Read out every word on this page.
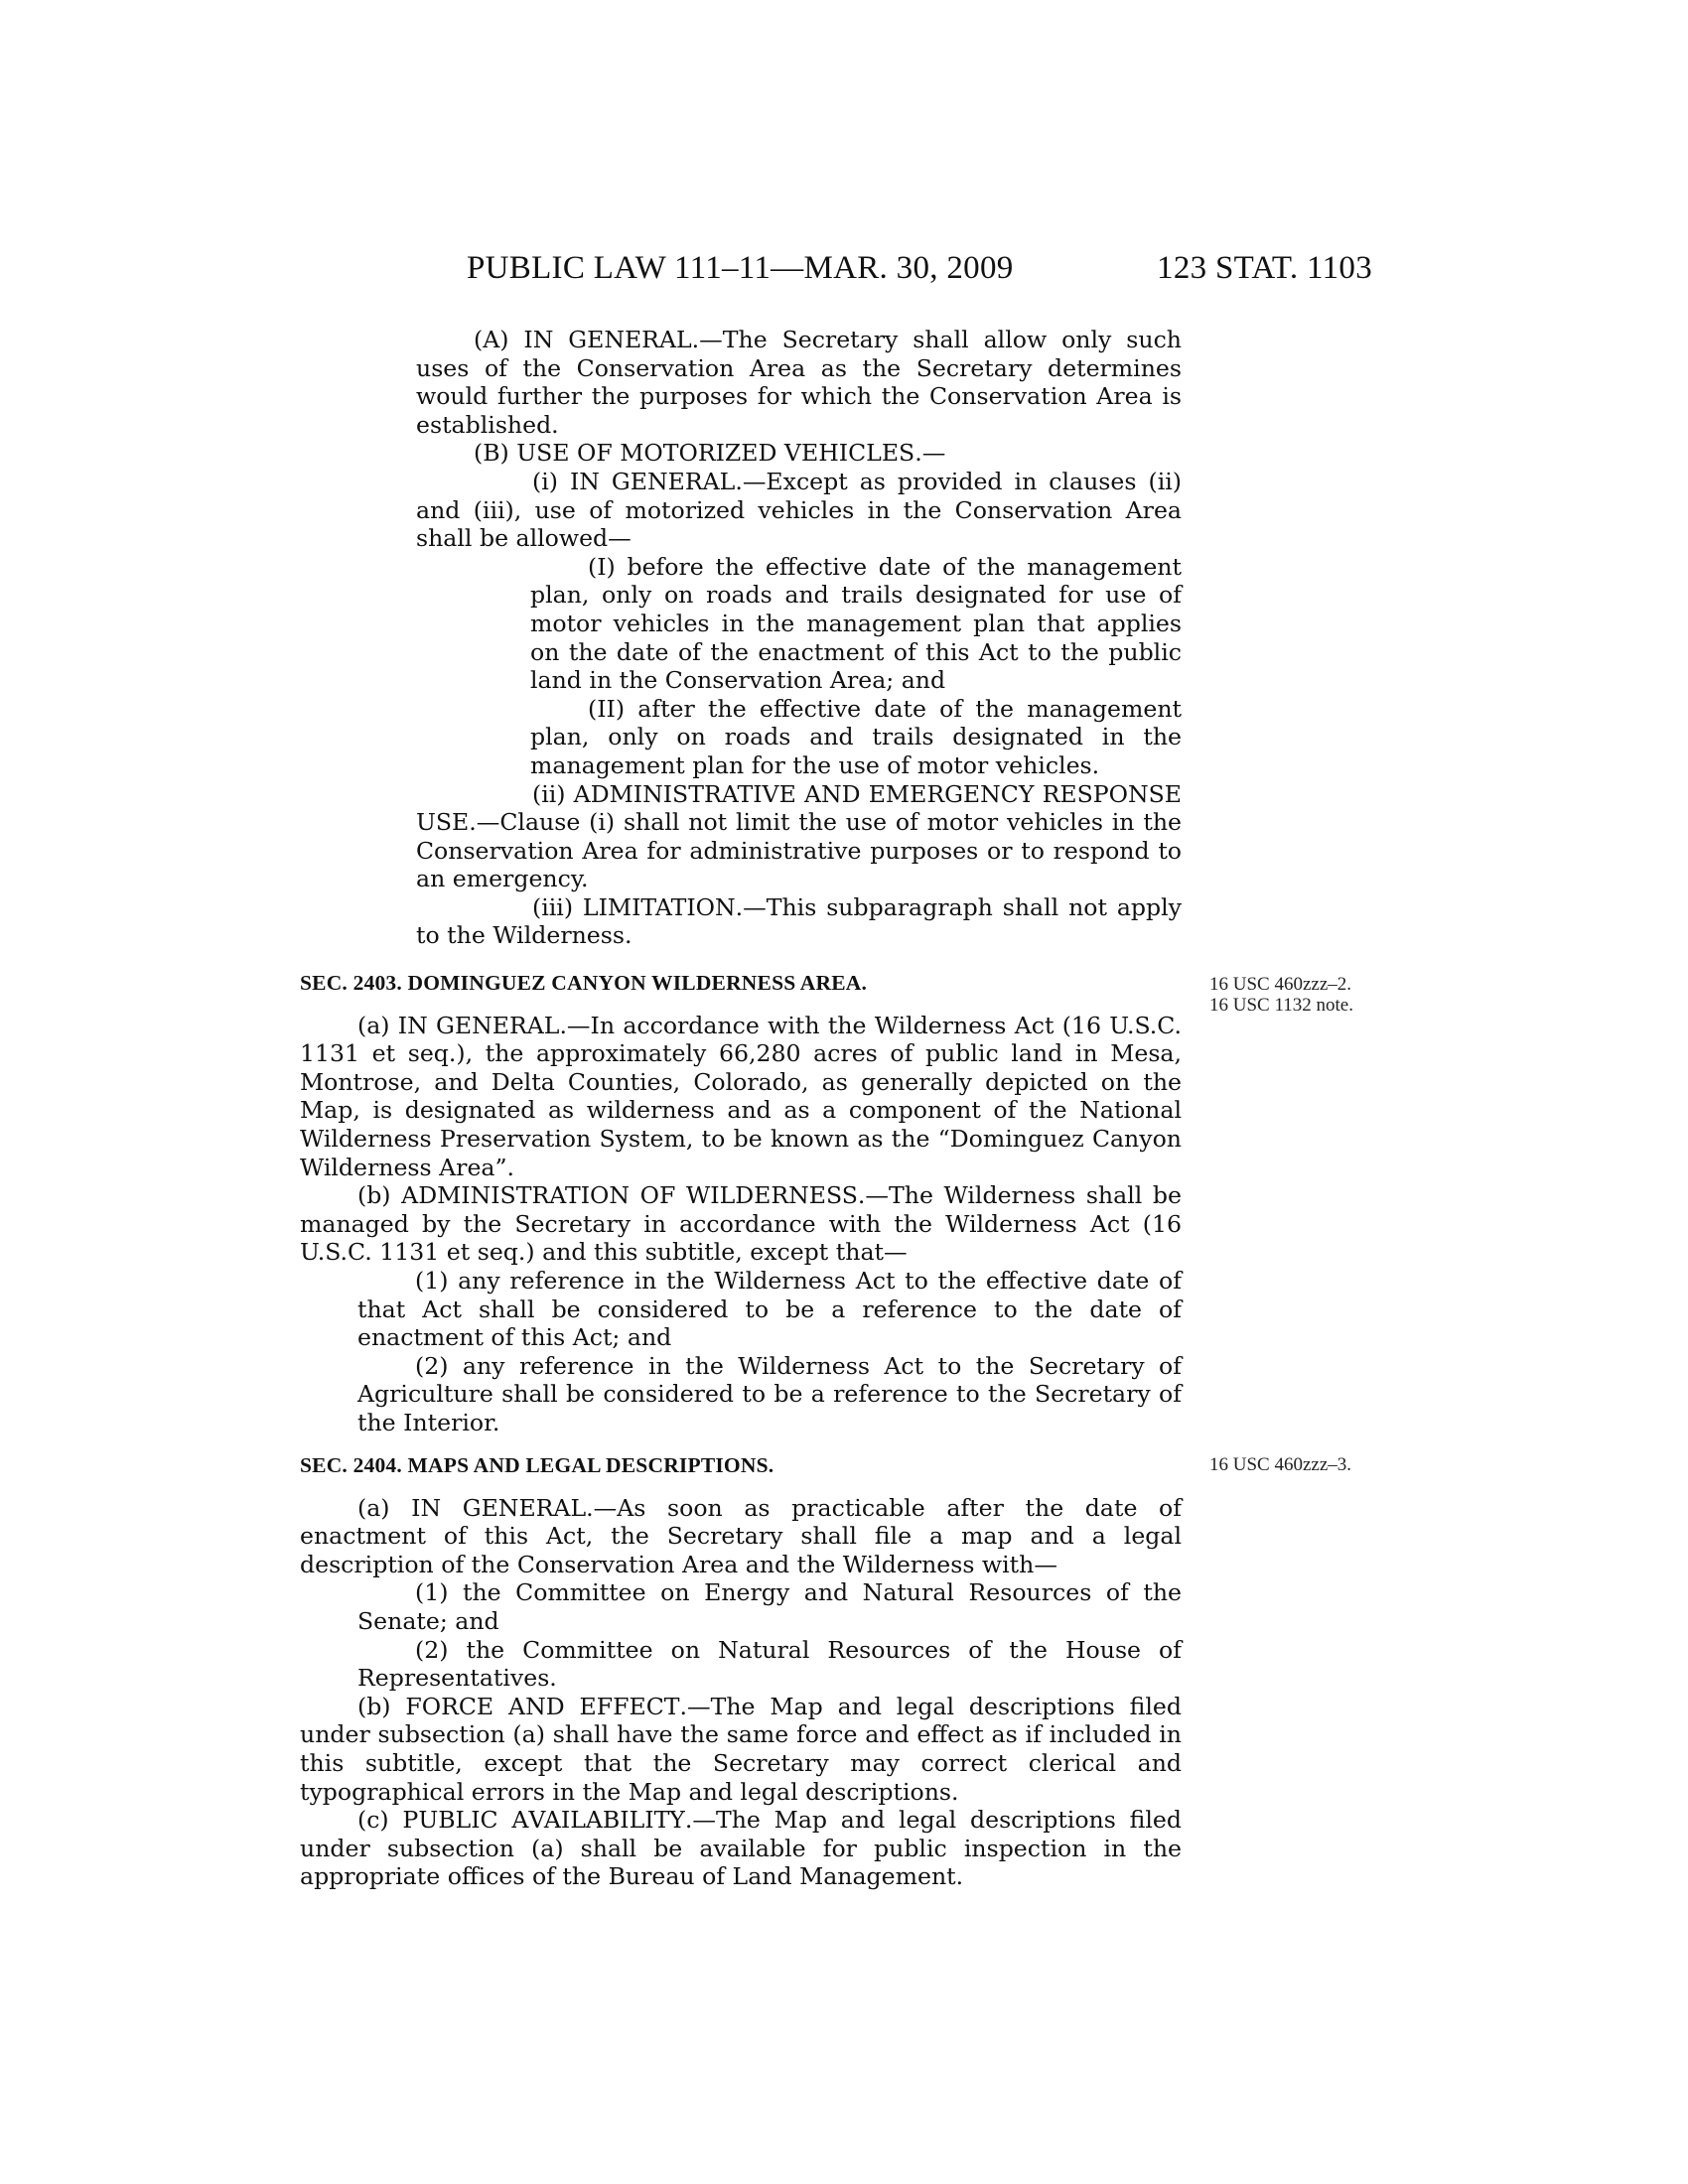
PUBLIC LAW 111–11—MAR. 30, 2009	123 STAT. 1103

(A) IN GENERAL.—The Secretary shall allow only such uses of the Conservation Area as the Secretary determines would further the purposes for which the Conservation Area is established.

(B) USE OF MOTORIZED VEHICLES.—

(i) IN GENERAL.—Except as provided in clauses (ii) and (iii), use of motorized vehicles in the Conservation Area shall be allowed—

(I) before the effective date of the management plan, only on roads and trails designated for use of motor vehicles in the management plan that applies on the date of the enactment of this Act to the public land in the Conservation Area; and

(II) after the effective date of the management plan, only on roads and trails designated in the management plan for the use of motor vehicles.

(ii) ADMINISTRATIVE AND EMERGENCY RESPONSE USE.—Clause (i) shall not limit the use of motor vehicles in the Conservation Area for administrative purposes or to respond to an emergency.

(iii) LIMITATION.—This subparagraph shall not apply to the Wilderness.

SEC. 2403. DOMINGUEZ CANYON WILDERNESS AREA.

(a) IN GENERAL.—In accordance with the Wilderness Act (16 U.S.C. 1131 et seq.), the approximately 66,280 acres of public land in Mesa, Montrose, and Delta Counties, Colorado, as generally depicted on the Map, is designated as wilderness and as a component of the National Wilderness Preservation System, to be known as the “Dominguez Canyon Wilderness Area”.

(b) ADMINISTRATION OF WILDERNESS.—The Wilderness shall be managed by the Secretary in accordance with the Wilderness Act (16 U.S.C. 1131 et seq.) and this subtitle, except that—

(1) any reference in the Wilderness Act to the effective date of that Act shall be considered to be a reference to the date of enactment of this Act; and

(2) any reference in the Wilderness Act to the Secretary of Agriculture shall be considered to be a reference to the Secretary of the Interior.

16 USC 460zzz–2.
16 USC 1132 note.
SEC. 2404. MAPS AND LEGAL DESCRIPTIONS.

(a) IN GENERAL.—As soon as practicable after the date of enactment of this Act, the Secretary shall file a map and a legal description of the Conservation Area and the Wilderness with—

(1) the Committee on Energy and Natural Resources of the Senate; and

(2) the Committee on Natural Resources of the House of Representatives.

(b) FORCE AND EFFECT.—The Map and legal descriptions filed under subsection (a) shall have the same force and effect as if included in this subtitle, except that the Secretary may correct clerical and typographical errors in the Map and legal descriptions.

(c) PUBLIC AVAILABILITY.—The Map and legal descriptions filed under subsection (a) shall be available for public inspection in the appropriate offices of the Bureau of Land Management.

16 USC 460zzz–3.
